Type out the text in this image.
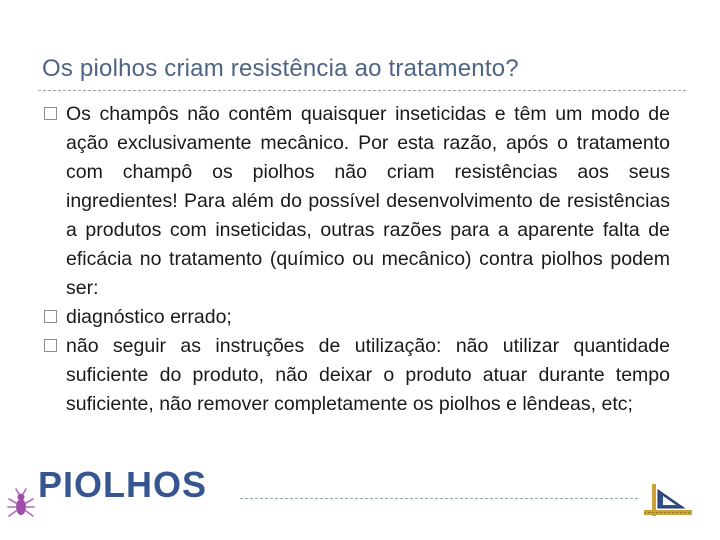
Os piolhos criam resistência ao tratamento?
PIOLHOS
Os champôs não contêm quaisquer inseticidas e têm um modo de ação exclusivamente mecânico. Por esta razão, após o tratamento com champô os piolhos não criam resistências aos seus ingredientes! Para além do possível desenvolvimento de resistências a produtos com inseticidas, outras razões para a aparente falta de eficácia no tratamento (químico ou mecânico) contra piolhos podem ser:
diagnóstico errado;
não seguir as instruções de utilização: não utilizar quantidade suficiente do produto, não deixar o produto atuar durante tempo suficiente, não remover completamente os piolhos e lêndeas, etc;
